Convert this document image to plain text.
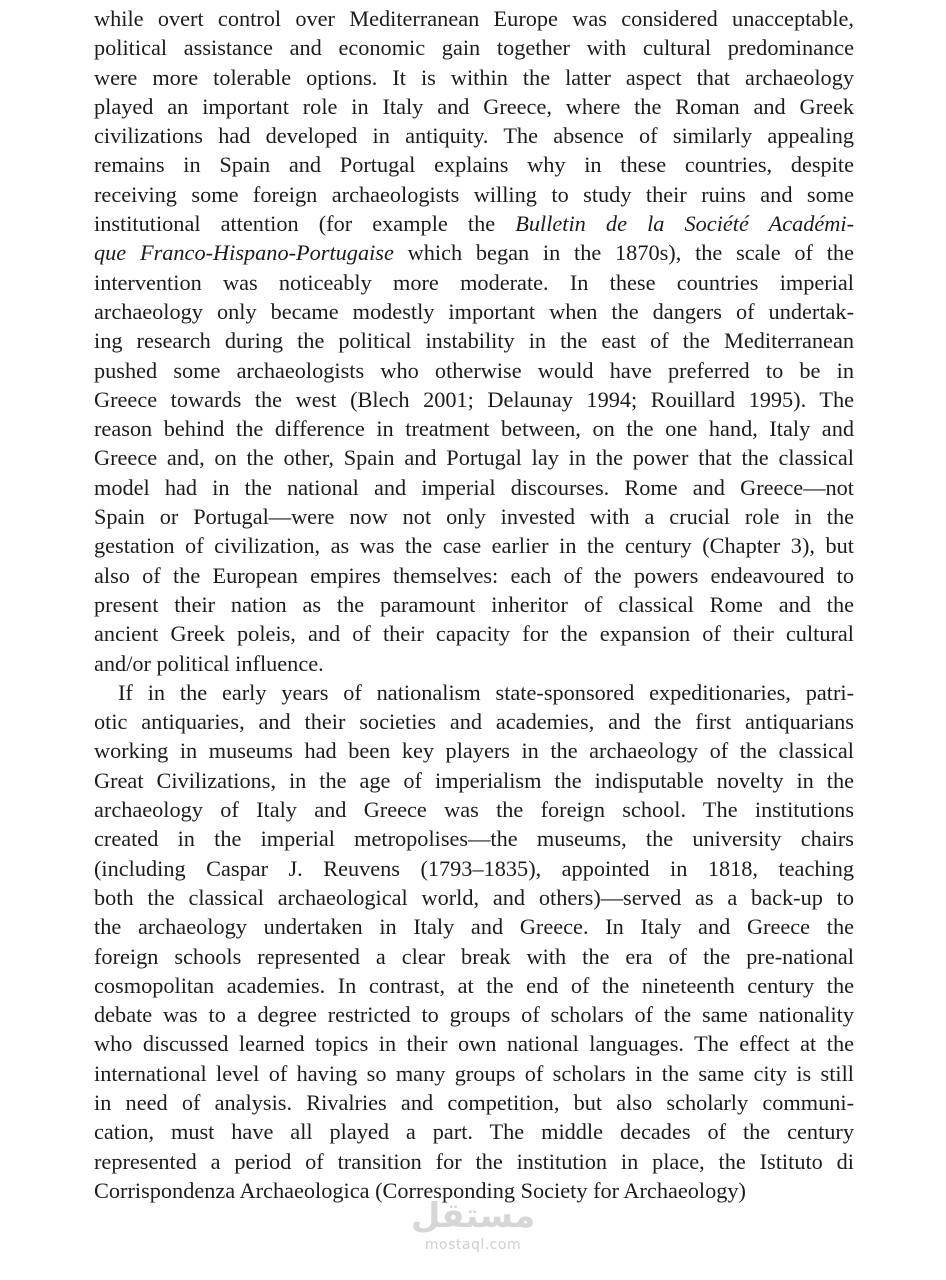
while overt control over Mediterranean Europe was considered unacceptable,
political assistance and economic gain together with cultural predominance
were more tolerable options. It is within the latter aspect that archaeology
played an important role in Italy and Greece, where the Roman and Greek
civilizations had developed in antiquity. The absence of similarly appealing
remains in Spain and Portugal explains why in these countries, despite
receiving some foreign archaeologists willing to study their ruins and some
institutional attention (for example the Bulletin de la Société Académi-
que Franco-Hispano-Portugaise which began in the 1870s), the scale of the
intervention was noticeably more moderate. In these countries imperial
archaeology only became modestly important when the dangers of undertak-
ing research during the political instability in the east of the Mediterranean
pushed some archaeologists who otherwise would have preferred to be in
Greece towards the west (Blech 2001; Delaunay 1994; Rouillard 1995). The
reason behind the difference in treatment between, on the one hand, Italy and
Greece and, on the other, Spain and Portugal lay in the power that the classical
model had in the national and imperial discourses. Rome and Greece—not
Spain or Portugal—were now not only invested with a crucial role in the
gestation of civilization, as was the case earlier in the century (Chapter 3), but
also of the European empires themselves: each of the powers endeavoured to
present their nation as the paramount inheritor of classical Rome and the
ancient Greek poleis, and of their capacity for the expansion of their cultural
and/or political influence.
If in the early years of nationalism state-sponsored expeditionaries, patri-
otic antiquaries, and their societies and academies, and the first antiquarians
working in museums had been key players in the archaeology of the classical
Great Civilizations, in the age of imperialism the indisputable novelty in the
archaeology of Italy and Greece was the foreign school. The institutions
created in the imperial metropolises—the museums, the university chairs
(including Caspar J. Reuvens (1793–1835), appointed in 1818, teaching
both the classical archaeological world, and others)—served as a back-up to
the archaeology undertaken in Italy and Greece. In Italy and Greece the
foreign schools represented a clear break with the era of the pre-national
cosmopolitan academies. In contrast, at the end of the nineteenth century the
debate was to a degree restricted to groups of scholars of the same nationality
who discussed learned topics in their own national languages. The effect at the
international level of having so many groups of scholars in the same city is still
in need of analysis. Rivalries and competition, but also scholarly communi-
cation, must have all played a part. The middle decades of the century
represented a period of transition for the institution in place, the Istituto di
Corrispondenza Archaeologica (Corresponding Society for Archaeology)
مستقل
mostaql.com
